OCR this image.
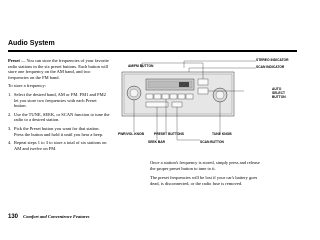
Audio System

Preset — You can store the frequencies of your favorite radio stations in the six preset buttons. Each button will store one frequency on the AM band, and two frequencies on the FM band.

To store a frequency:

1. Select the desired band, AM or FM. FM1 and FM2 let you store two frequencies with each Preset button.
2. Use the TUNE, SEEK, or SCAN function to tune the radio to a desired station.
3. Pick the Preset button you want for that station. Press the button and hold it until you hear a beep.
4. Repeat steps 1 to 3 to store a total of six stations on AM and twelve on FM.
AM/FM BUTTON
STEREO INDICATOR
SCAN INDICATOR
AUTO
SELECT
BUTTON
PWR/VOL KNOB	PRESET BUTTONS	TUNE KNOB
SEEK BAR	SCAN BUTTON

Once a station's frequency is stored, simply press and release the proper preset button to tune to it.

The preset frequencies will be lost if your car's battery goes dead, is disconnected, or the radio fuse is removed.

130 Comfort and Convenience Features
